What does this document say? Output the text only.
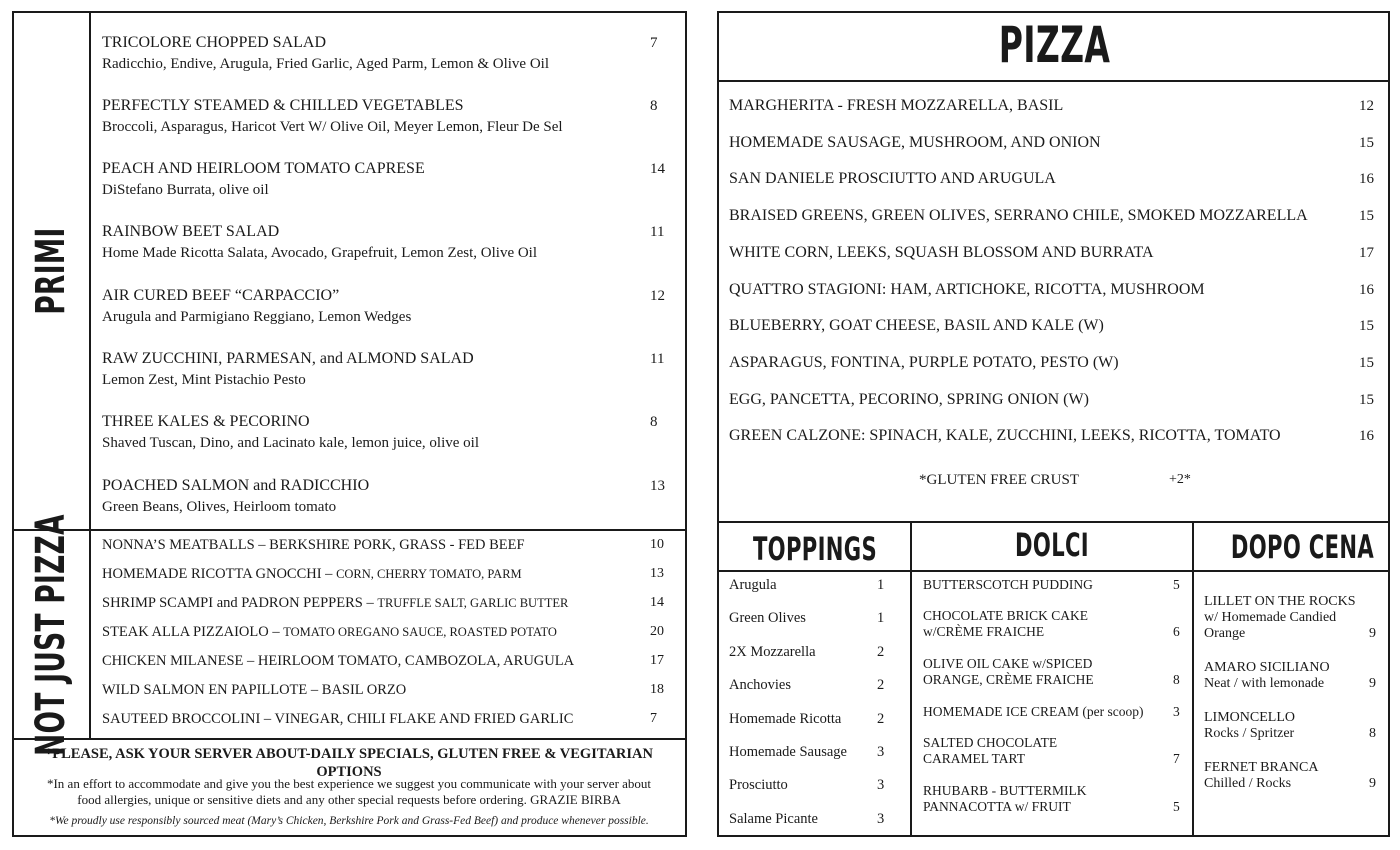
PRIMI
NOT JUST PIZZA
TRICOLORE CHOPPED SALAD
Radicchio, Endive, Arugula, Fried Garlic, Aged Parm, Lemon & Olive Oil
7
PERFECTLY STEAMED & CHILLED VEGETABLES
Broccoli, Asparagus, Haricot Vert W/ Olive Oil, Meyer Lemon, Fleur De Sel
8
PEACH AND HEIRLOOM TOMATO CAPRESE
DiStefano Burrata, olive oil
14
RAINBOW BEET SALAD
Home Made Ricotta Salata, Avocado, Grapefruit, Lemon Zest, Olive Oil
11
AIR CURED BEEF “CARPACCIO”
Arugula and Parmigiano Reggiano, Lemon Wedges
12
RAW ZUCCHINI, PARMESAN, and ALMOND SALAD
Lemon Zest, Mint Pistachio Pesto
11
THREE KALES & PECORINO
Shaved Tuscan, Dino, and Lacinato kale, lemon juice, olive oil
8
POACHED SALMON and RADICCHIO
Green Beans, Olives, Heirloom tomato
13
NONNA’S MEATBALLS – BERKSHIRE PORK, GRASS - FED BEEF	10
HOMEMADE RICOTTA GNOCCHI – CORN, CHERRY TOMATO, PARM	13
SHRIMP SCAMPI and PADRON PEPPERS – TRUFFLE SALT, GARLIC BUTTER	14
STEAK ALLA PIZZAIOLO – TOMATO OREGANO SAUCE, ROASTED POTATO	20
CHICKEN MILANESE – HEIRLOOM TOMATO, CAMBOZOLA, ARUGULA	17
WILD SALMON EN PAPILLOTE – BASIL ORZO	18
SAUTEED BROCCOLINI – VINEGAR, CHILI FLAKE AND FRIED GARLIC	7
*PLEASE, ASK YOUR SERVER ABOUT-DAILY SPECIALS, GLUTEN FREE & VEGITARIAN OPTIONS
*In an effort to accommodate and give you the best experience we suggest you communicate with your server about
food allergies, unique or sensitive diets and any other special requests before ordering. GRAZIE BIRBA
*We proudly use responsibly sourced meat (Mary’s Chicken, Berkshire Pork and Grass-Fed Beef) and produce whenever possible.
PIZZA
MARGHERITA - FRESH MOZZARELLA, BASIL	12
HOMEMADE SAUSAGE, MUSHROOM, AND ONION	15
SAN DANIELE PROSCIUTTO AND ARUGULA	16
BRAISED GREENS, GREEN OLIVES, SERRANO CHILE, SMOKED MOZZARELLA	15
WHITE CORN, LEEKS, SQUASH BLOSSOM AND BURRATA	17
QUATTRO STAGIONI: HAM, ARTICHOKE, RICOTTA, MUSHROOM	16
BLUEBERRY, GOAT CHEESE, BASIL AND KALE (W)	15
ASPARAGUS, FONTINA, PURPLE POTATO, PESTO (W)	15
EGG, PANCETTA, PECORINO, SPRING ONION (W)	15
GREEN CALZONE: SPINACH, KALE, ZUCCHINI, LEEKS, RICOTTA, TOMATO	16
*GLUTEN FREE CRUST	+2*
TOPPINGS	DOLCI	DOPO CENA
Arugula	1
Green Olives	1
2X Mozzarella	2
Anchovies	2
Homemade Ricotta 2
Homemade Sausage 3
Prosciutto	3
Salame Picante	3
BUTTERSCOTCH PUDDING	5
CHOCOLATE BRICK CAKE
w/CRÈME FRAICHE	6
OLIVE OIL CAKE w/SPICED
ORANGE, CRÈME FRAICHE	8
HOMEMADE ICE CREAM (per scoop)	3
SALTED CHOCOLATE
CARAMEL TART	7
RHUBARB - BUTTERMILK
PANNACOTTA w/ FRUIT	5
LILLET ON THE ROCKS
w/ Homemade Candied
Orange	9
AMARO SICILIANO
Neat / with lemonade	9
LIMONCELLO
Rocks / Spritzer	8
FERNET BRANCA
Chilled / Rocks	9
